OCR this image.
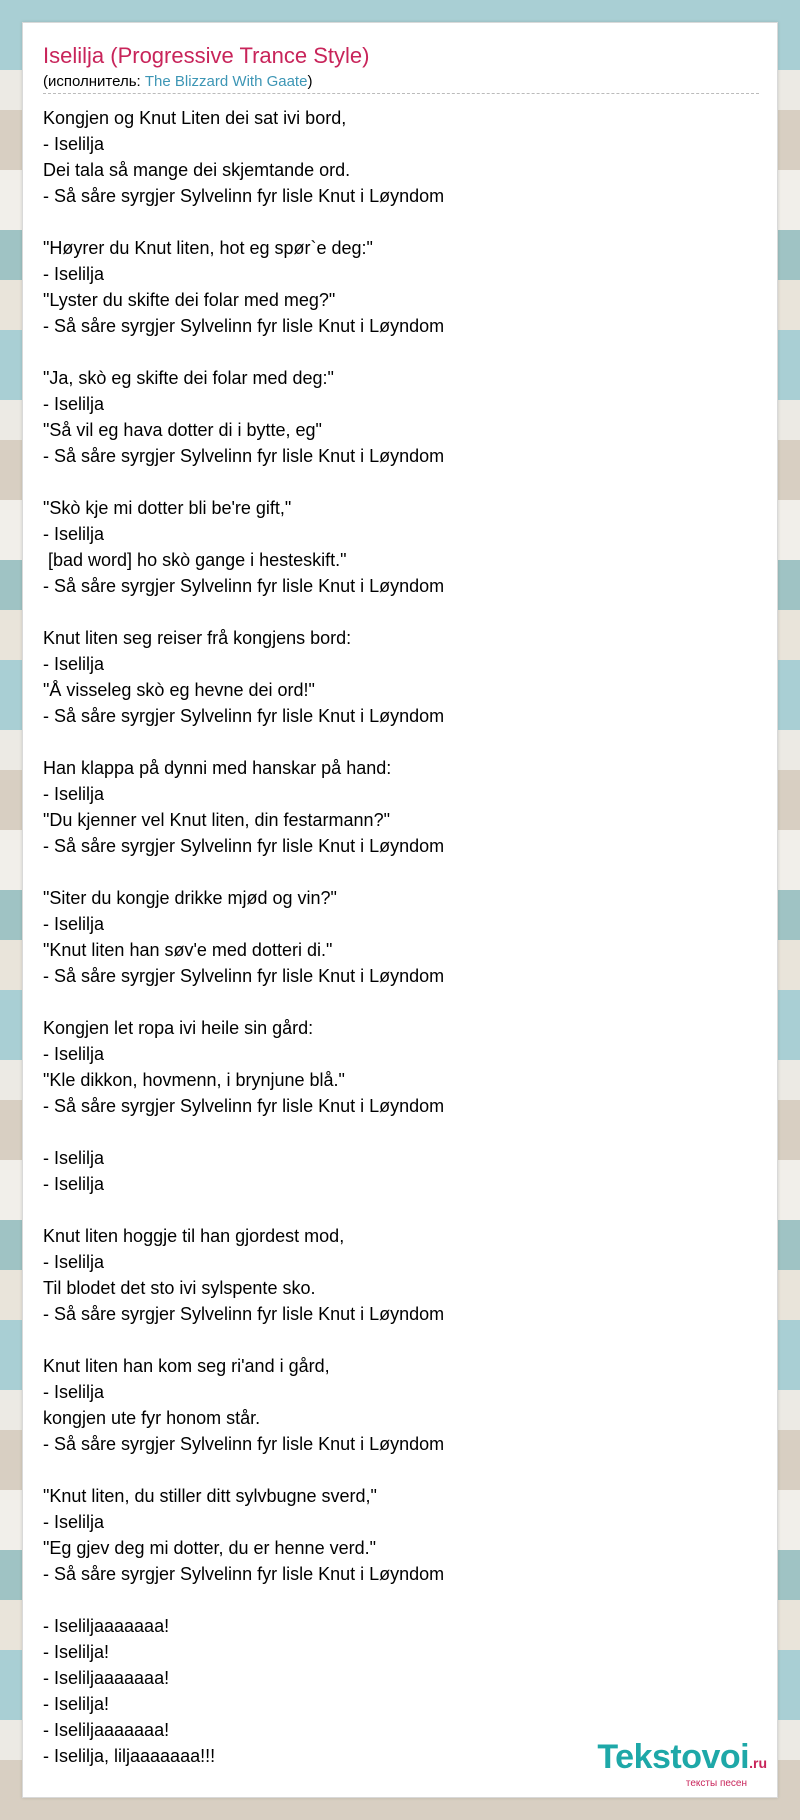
Iselilja (Progressive Trance Style)
(исполнитель: The Blizzard With Gaate)
Kongjen og Knut Liten dei sat ivi bord,
- Iselilja
Dei tala så mange dei skjemtande ord.
- Så såre syrgjer Sylvelinn fyr lisle Knut i Løyndom
"Høyrer du Knut liten, hot eg spør`e deg:"
- Iselilja
"Lyster du skifte dei folar med meg?"
- Så såre syrgjer Sylvelinn fyr lisle Knut i Løyndom
"Ja, skò eg skifte dei folar med deg:"
- Iselilja
"Så vil eg hava dotter di i bytte, eg"
- Så såre syrgjer Sylvelinn fyr lisle Knut i Løyndom
"Skò kje mi dotter bli be're gift,"
- Iselilja
[bad word] ho skò gange i hesteskift."
- Så såre syrgjer Sylvelinn fyr lisle Knut i Løyndom
Knut liten seg reiser frå kongjens bord:
- Iselilja
"Å visseleg skò eg hevne dei ord!"
- Så såre syrgjer Sylvelinn fyr lisle Knut i Løyndom
Han klappa på dynni med hanskar på hand:
- Iselilja
"Du kjenner vel Knut liten, din festarmann?"
- Så såre syrgjer Sylvelinn fyr lisle Knut i Løyndom
"Siter du kongje drikke mjød og vin?"
- Iselilja
"Knut liten han søv'e med dotteri di."
- Så såre syrgjer Sylvelinn fyr lisle Knut i Løyndom
Kongjen let ropa ivi heile sin gård:
- Iselilja
"Kle dikkon, hovmenn, i brynjune blå."
- Så såre syrgjer Sylvelinn fyr lisle Knut i Løyndom
- Iselilja
- Iselilja
Knut liten hoggje til han gjordest mod,
- Iselilja
Til blodet det sto ivi sylspente sko.
- Så såre syrgjer Sylvelinn fyr lisle Knut i Løyndom
Knut liten han kom seg ri'and i gård,
- Iselilja
kongjen ute fyr honom står.
- Så såre syrgjer Sylvelinn fyr lisle Knut i Løyndom
"Knut liten, du stiller ditt sylvbugne sverd,"
- Iselilja
"Eg gjev deg mi dotter, du er henne verd."
- Så såre syrgjer Sylvelinn fyr lisle Knut i Løyndom
- Iseliljaaaaaaa!
- Iselilja!
- Iseliljaaaaaaa!
- Iselilja!
- Iseliljaaaaaaa!
- Iselilja, liljaaaaaaa!!!	Tekstovoi.ru
тексты песен
